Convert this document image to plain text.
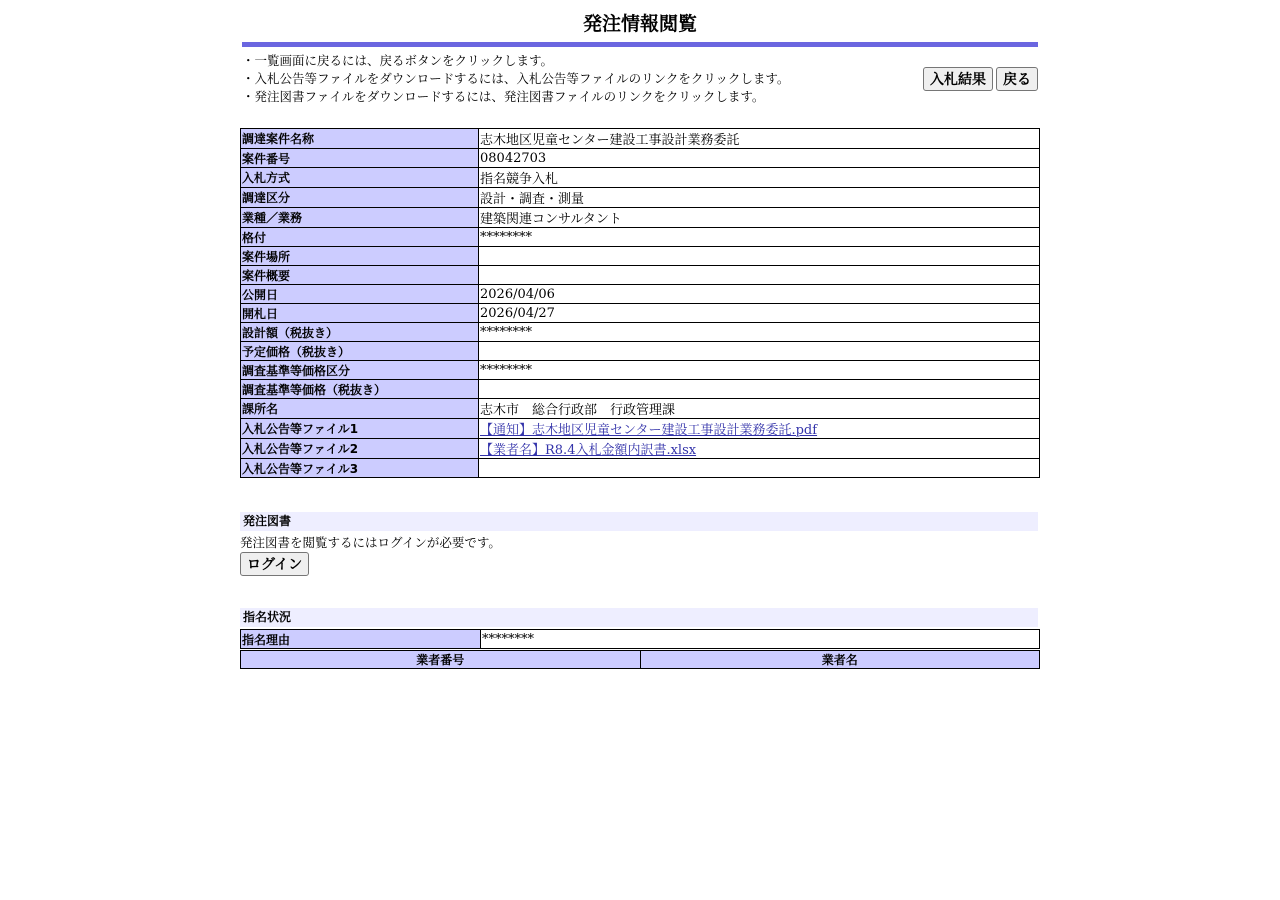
発注情報閲覧
・一覧画面に戻るには、戻るボタンをクリックします。
・入札公告等ファイルをダウンロードするには、入札公告等ファイルのリンクをクリックします。
・発注図書ファイルをダウンロードするには、発注図書ファイルのリンクをクリックします。
入札結果	戻る
調達案件名称	志木地区児童センター建設工事設計業務委託
案件番号	08042703
入札方式	指名競争入札
調達区分	設計・調査・測量
業種／業務	建築関連コンサルタント
格付	********
案件場所	
案件概要	
公開日	2026/04/06
開札日	2026/04/27
設計額（税抜き）	********
予定価格（税抜き）	
調査基準等価格区分	********
調査基準等価格（税抜き）	
課所名	志木市　総合行政部　行政管理課
入札公告等ファイル1	【通知】志木地区児童センター建設工事設計業務委託.pdf
入札公告等ファイル2	【業者名】R8.4入札金額内訳書.xlsx
入札公告等ファイル3	
発注図書
発注図書を閲覧するにはログインが必要です。
ログイン
指名状況
指名理由	********
業者番号	業者名
